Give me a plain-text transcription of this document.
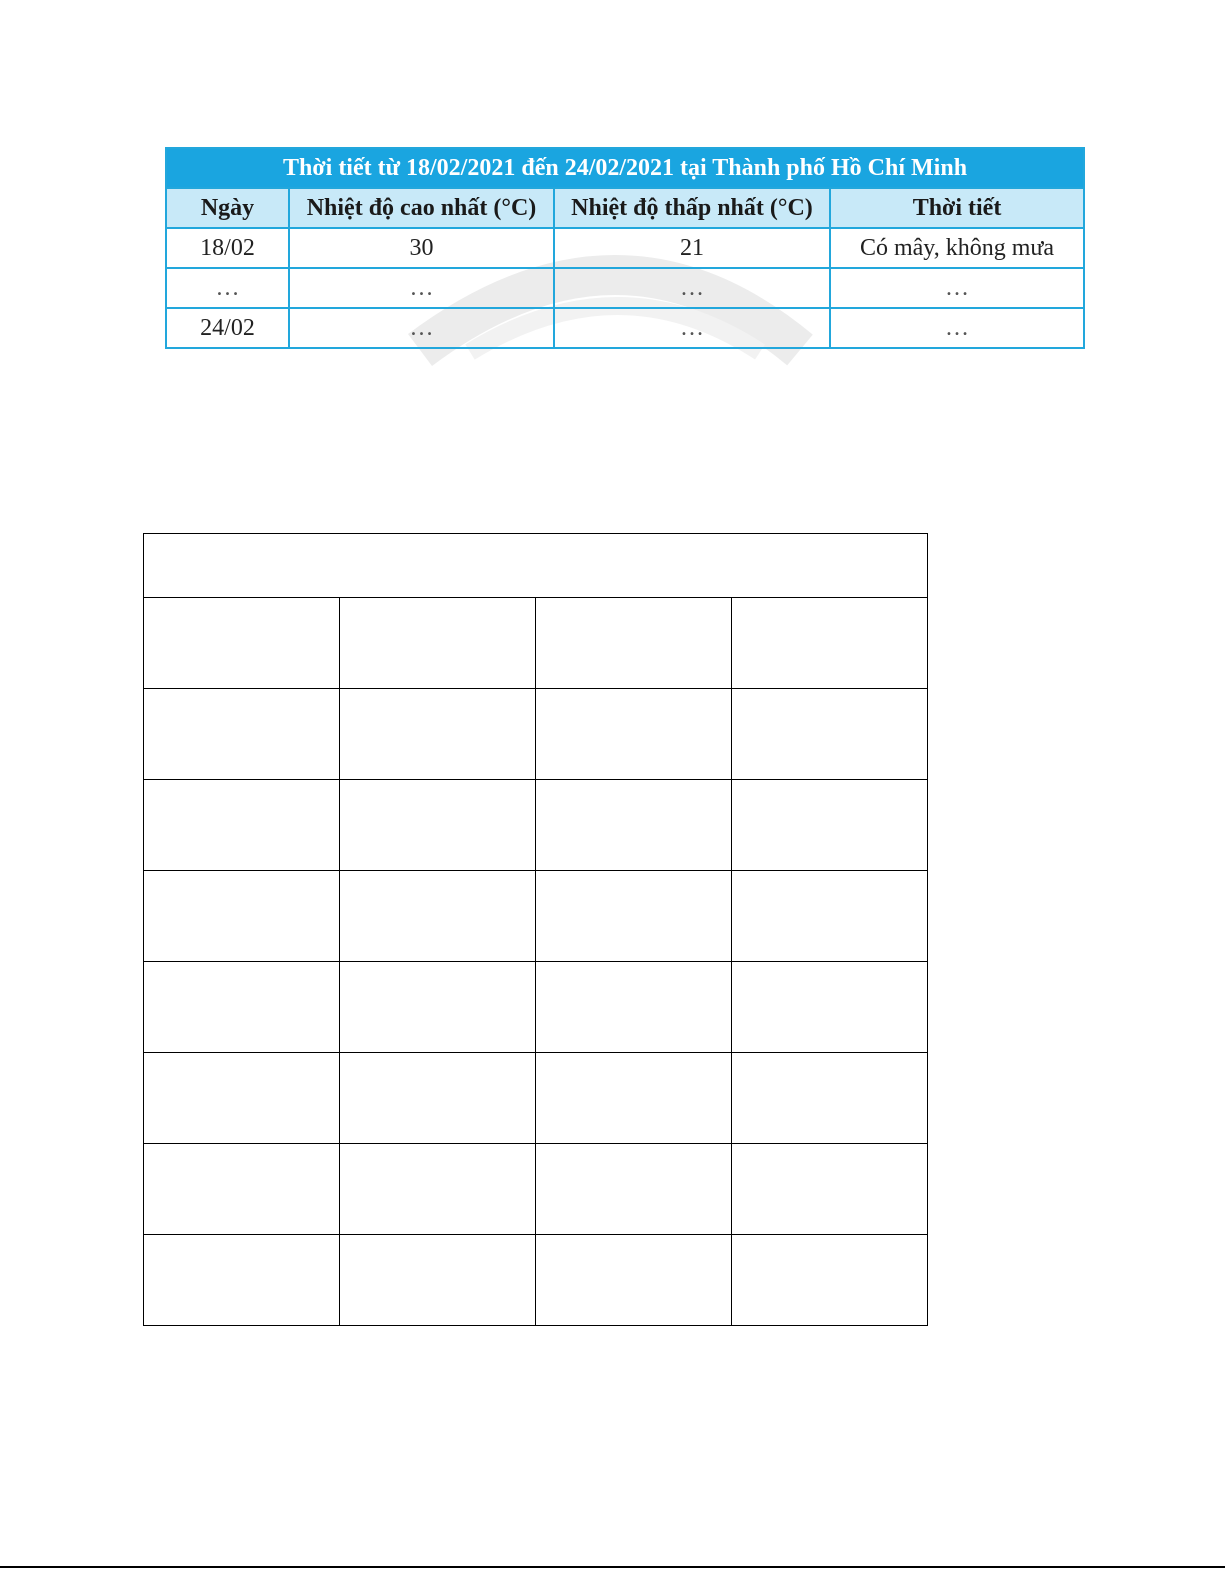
Thời tiết từ 18/02/2021 đến 24/02/2021 tại Thành phố Hồ Chí Minh			
Ngày	Nhiệt độ cao nhất (°C)	Nhiệt độ thấp nhất (°C)	Thời tiết
18/02	30	21	Có mây, không mưa
…	…	…	…
24/02	…	…	…
